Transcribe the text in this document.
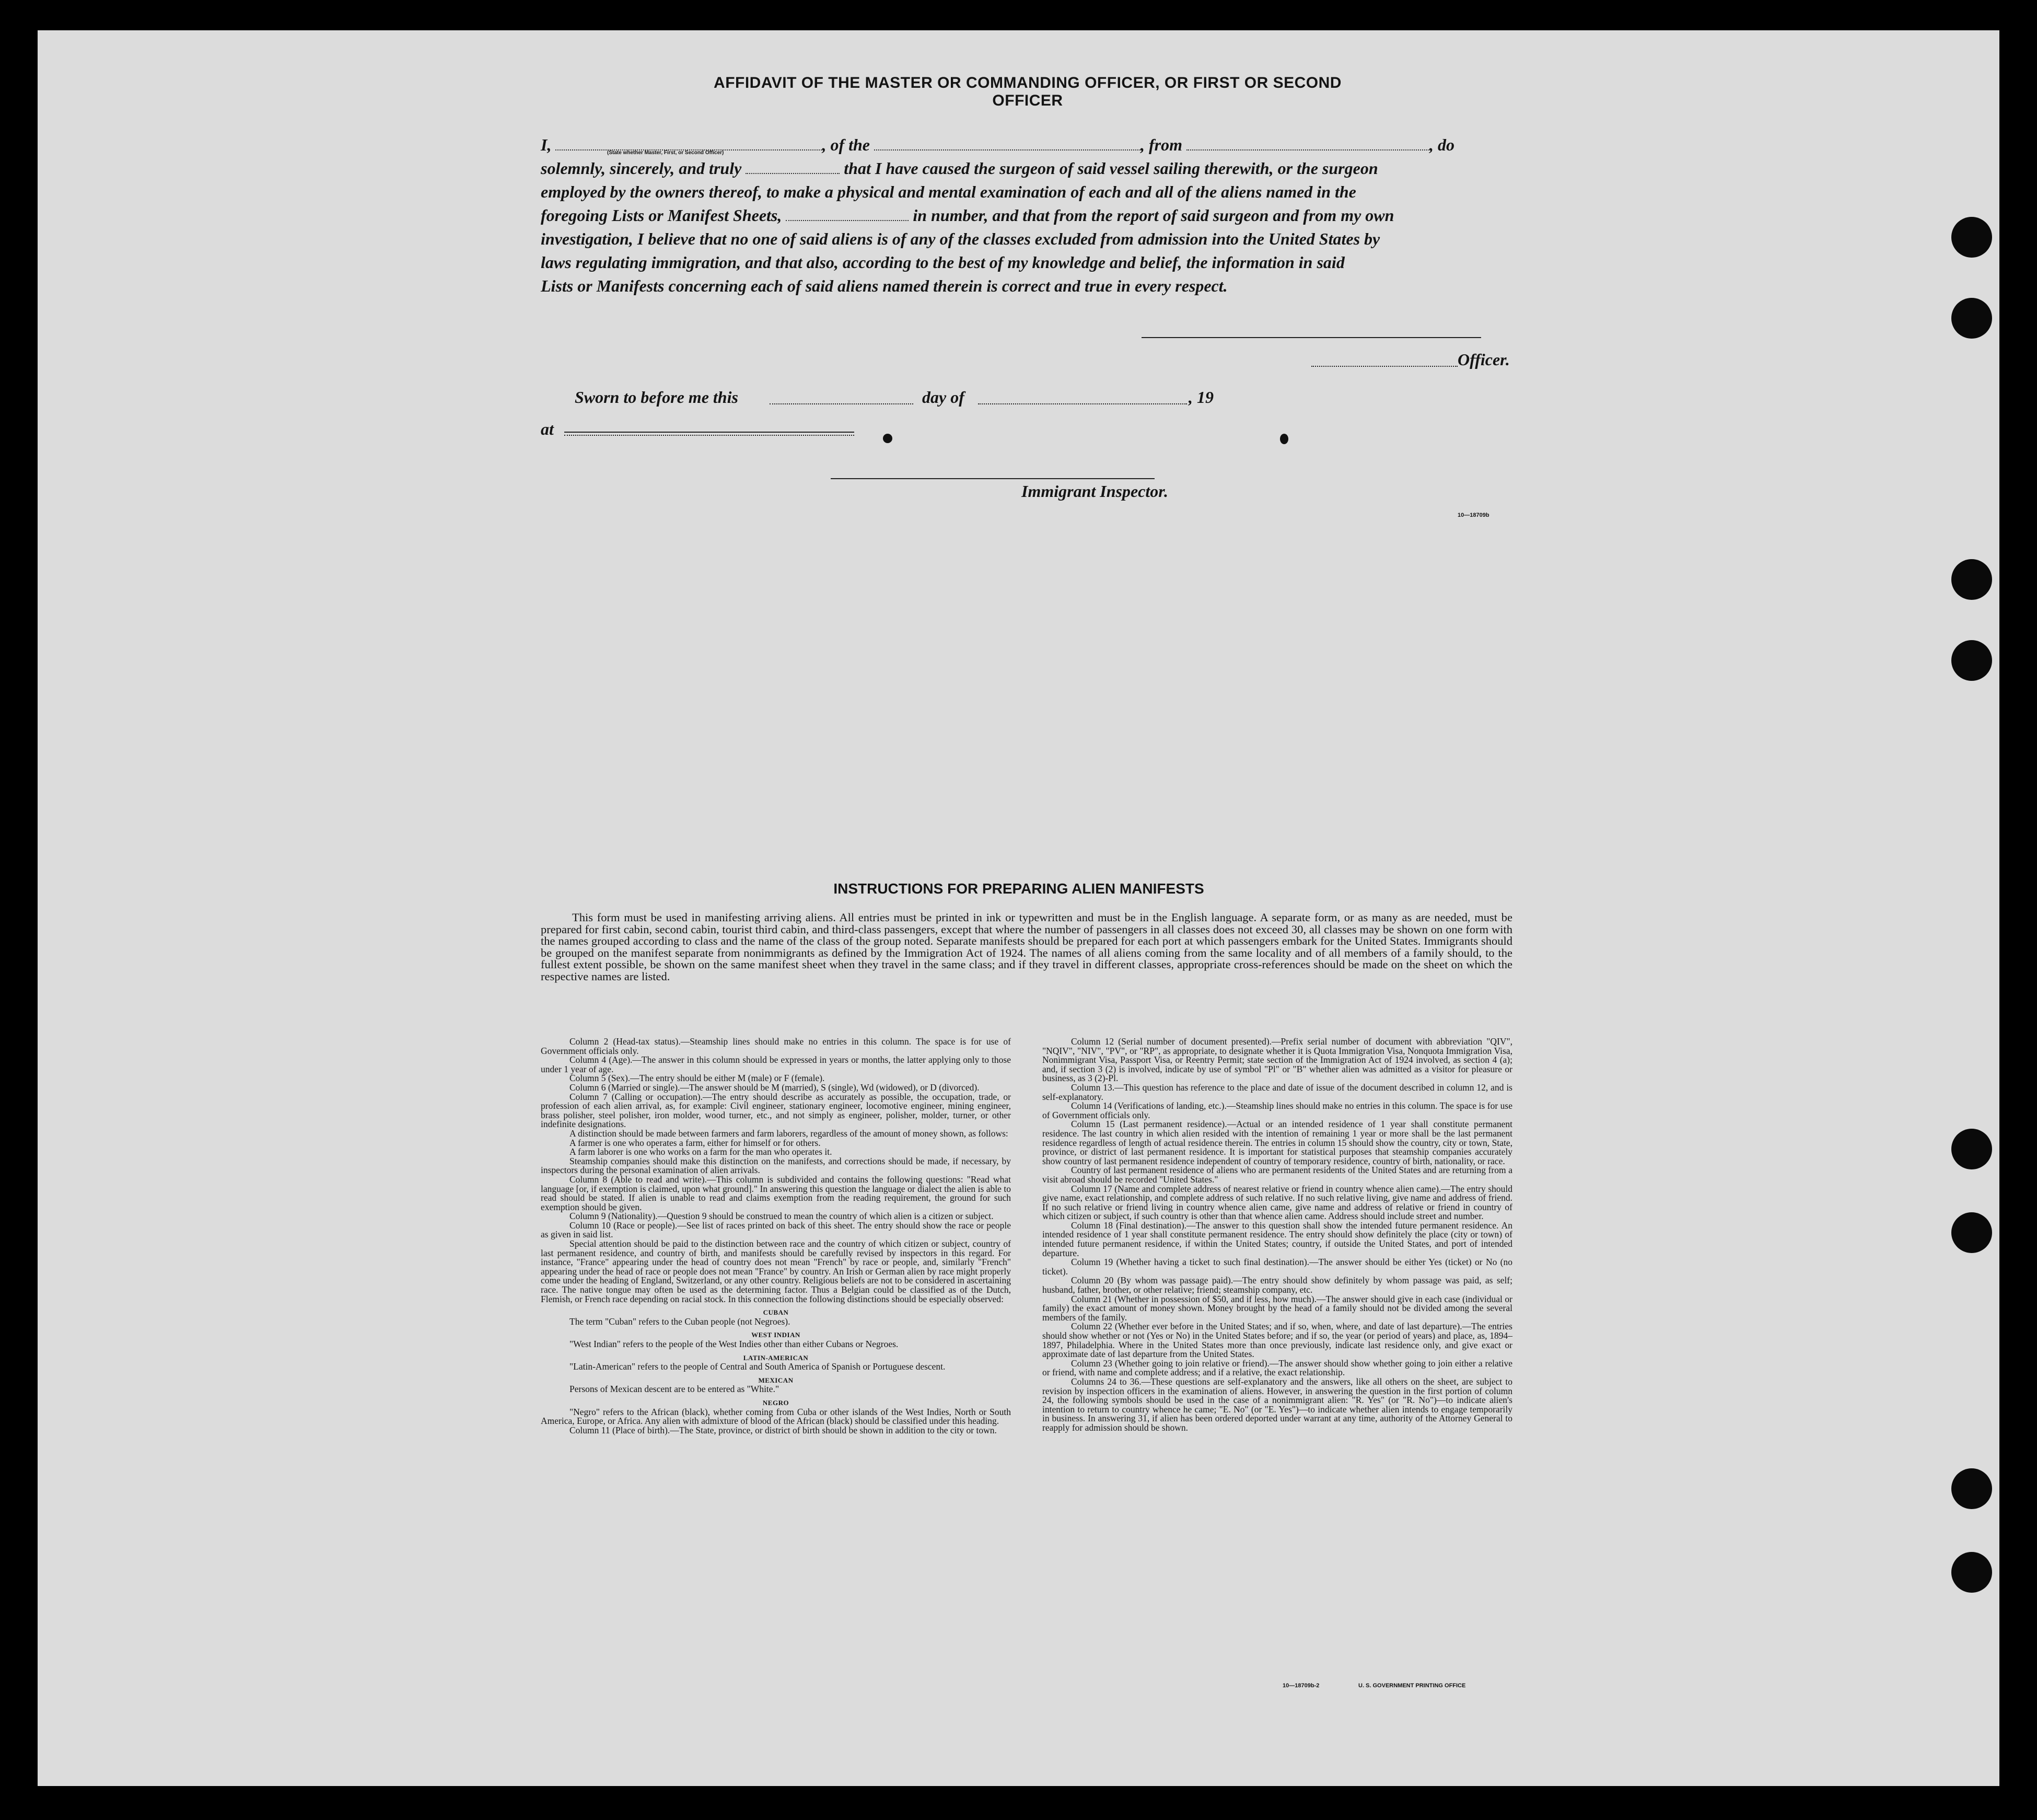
AFFIDAVIT OF THE MASTER OR COMMANDING OFFICER, OR FIRST OR SECOND OFFICER

I,	, of the	, from	, do

solemnly, sincerely, and truly	that I have caused the surgeon of said vessel sailing therewith, or the surgeon

employed by the owners thereof, to make a physical and mental examination of each and all of the aliens named in the

foregoing Lists or Manifest Sheets,	in number, and that from the report of said surgeon and from my own

investigation, I believe that no one of said aliens is of any of the classes excluded from admission into the United States by

laws regulating immigration, and that also, according to the best of my knowledge and belief, the information in said

Lists or Manifests concerning each of said aliens named therein is correct and true in every respect.

(State whether Master, First, or Second Officer)
Officer.
Sworn to before me this	day of	, 19
at
Immigrant Inspector.
10—18709b
INSTRUCTIONS FOR PREPARING ALIEN MANIFESTS
This form must be used in manifesting arriving aliens. All entries must be printed in ink or typewritten and must be in the English language. A separate form, or as many as are needed, must be prepared for first cabin, second cabin, tourist third cabin, and third-class passengers, except that where the number of passengers in all classes does not exceed 30, all classes may be shown on one form with the names grouped according to class and the name of the class of the group noted. Separate manifests should be prepared for each port at which passengers embark for the United States. Immigrants should be grouped on the manifest separate from nonimmigrants as defined by the Immigration Act of 1924. The names of all aliens coming from the same locality and of all members of a family should, to the fullest extent possible, be shown on the same manifest sheet when they travel in the same class; and if they travel in different classes, appropriate cross-references should be made on the sheet on which the respective names are listed.

Column 2 (Head-tax status).—Steamship lines should make no entries in this column. The space is for use of Government officials only.

Column 4 (Age).—The answer in this column should be expressed in years or months, the latter applying only to those under 1 year of age.

Column 5 (Sex).—The entry should be either M (male) or F (female).

Column 6 (Married or single).—The answer should be M (married), S (single), Wd (widowed), or D (divorced).

Column 7 (Calling or occupation).—The entry should describe as accurately as possible, the occupation, trade, or profession of each alien arrival, as, for example: Civil engineer, stationary engineer, locomotive engineer, mining engineer, brass polisher, steel polisher, iron molder, wood turner, etc., and not simply as engineer, polisher, molder, turner, or other indefinite designations.

A distinction should be made between farmers and farm laborers, regardless of the amount of money shown, as follows:

A farmer is one who operates a farm, either for himself or for others.

A farm laborer is one who works on a farm for the man who operates it.

Steamship companies should make this distinction on the manifests, and corrections should be made, if necessary, by inspectors during the personal examination of alien arrivals.

Column 8 (Able to read and write).—This column is subdivided and contains the following questions: "Read what language [or, if exemption is claimed, upon what ground]." In answering this question the language or dialect the alien is able to read should be stated. If alien is unable to read and claims exemption from the reading requirement, the ground for such exemption should be given.

Column 9 (Nationality).—Question 9 should be construed to mean the country of which alien is a citizen or subject.

Column 10 (Race or people).—See list of races printed on back of this sheet. The entry should show the race or people as given in said list.

Special attention should be paid to the distinction between race and the country of which citizen or subject, country of last permanent residence, and country of birth, and manifests should be carefully revised by inspectors in this regard. For instance, "France" appearing under the head of country does not mean "French" by race or people, and, similarly "French" appearing under the head of race or people does not mean "France" by country. An Irish or German alien by race might properly come under the heading of England, Switzerland, or any other country. Religious beliefs are not to be considered in ascertaining race. The native tongue may often be used as the determining factor. Thus a Belgian could be classified as of the Dutch, Flemish, or French race depending on racial stock. In this connection the following distinctions should be especially observed:

CUBAN

The term "Cuban" refers to the Cuban people (not Negroes).

WEST INDIAN

"West Indian" refers to the people of the West Indies other than either Cubans or Negroes.

LATIN-AMERICAN

"Latin-American" refers to the people of Central and South America of Spanish or Portuguese descent.

MEXICAN

Persons of Mexican descent are to be entered as "White."

NEGRO

"Negro" refers to the African (black), whether coming from Cuba or other islands of the West Indies, North or South America, Europe, or Africa. Any alien with admixture of blood of the African (black) should be classified under this heading.

Column 11 (Place of birth).—The State, province, or district of birth should be shown in addition to the city or town.

Column 12 (Serial number of document presented).—Prefix serial number of document with abbreviation "QIV", "NQIV", "NIV", "PV", or "RP", as appropriate, to designate whether it is Quota Immigration Visa, Nonquota Immigration Visa, Nonimmigrant Visa, Passport Visa, or Reentry Permit; state section of the Immigration Act of 1924 involved, as section 4 (a); and, if section 3 (2) is involved, indicate by use of symbol "Pl" or "B" whether alien was admitted as a visitor for pleasure or business, as 3 (2)-Pl.

Column 13.—This question has reference to the place and date of issue of the document described in column 12, and is self-explanatory.

Column 14 (Verifications of landing, etc.).—Steamship lines should make no entries in this column. The space is for use of Government officials only.

Column 15 (Last permanent residence).—Actual or an intended residence of 1 year shall constitute permanent residence. The last country in which alien resided with the intention of remaining 1 year or more shall be the last permanent residence regardless of length of actual residence therein. The entries in column 15 should show the country, city or town, State, province, or district of last permanent residence. It is important for statistical purposes that steamship companies accurately show country of last permanent residence independent of country of temporary residence, country of birth, nationality, or race.

Country of last permanent residence of aliens who are permanent residents of the United States and are returning from a visit abroad should be recorded "United States."

Column 17 (Name and complete address of nearest relative or friend in country whence alien came).—The entry should give name, exact relationship, and complete address of such relative. If no such relative living, give name and address of friend. If no such relative or friend living in country whence alien came, give name and address of relative or friend in country of which citizen or subject, if such country is other than that whence alien came. Address should include street and number.

Column 18 (Final destination).—The answer to this question shall show the intended future permanent residence. An intended residence of 1 year shall constitute permanent residence. The entry should show definitely the place (city or town) of intended future permanent residence, if within the United States; country, if outside the United States, and port of intended departure.

Column 19 (Whether having a ticket to such final destination).—The answer should be either Yes (ticket) or No (no ticket).

Column 20 (By whom was passage paid).—The entry should show definitely by whom passage was paid, as self; husband, father, brother, or other relative; friend; steamship company, etc.

Column 21 (Whether in possession of $50, and if less, how much).—The answer should give in each case (individual or family) the exact amount of money shown. Money brought by the head of a family should not be divided among the several members of the family.

Column 22 (Whether ever before in the United States; and if so, when, where, and date of last departure).—The entries should show whether or not (Yes or No) in the United States before; and if so, the year (or period of years) and place, as, 1894–1897, Philadelphia. Where in the United States more than once previously, indicate last residence only, and give exact or approximate date of last departure from the United States.

Column 23 (Whether going to join relative or friend).—The answer should show whether going to join either a relative or friend, with name and complete address; and if a relative, the exact relationship.

Columns 24 to 36.—These questions are self-explanatory and the answers, like all others on the sheet, are subject to revision by inspection officers in the examination of aliens. However, in answering the question in the first portion of column 24, the following symbols should be used in the case of a nonimmigrant alien: "R. Yes" (or "R. No")—to indicate alien's intention to return to country whence he came; "E. No" (or "E. Yes")—to indicate whether alien intends to engage temporarily in business. In answering 31, if alien has been ordered deported under warrant at any time, authority of the Attorney General to reapply for admission should be shown.

10—18709b-2	U. S. GOVERNMENT PRINTING OFFICE
